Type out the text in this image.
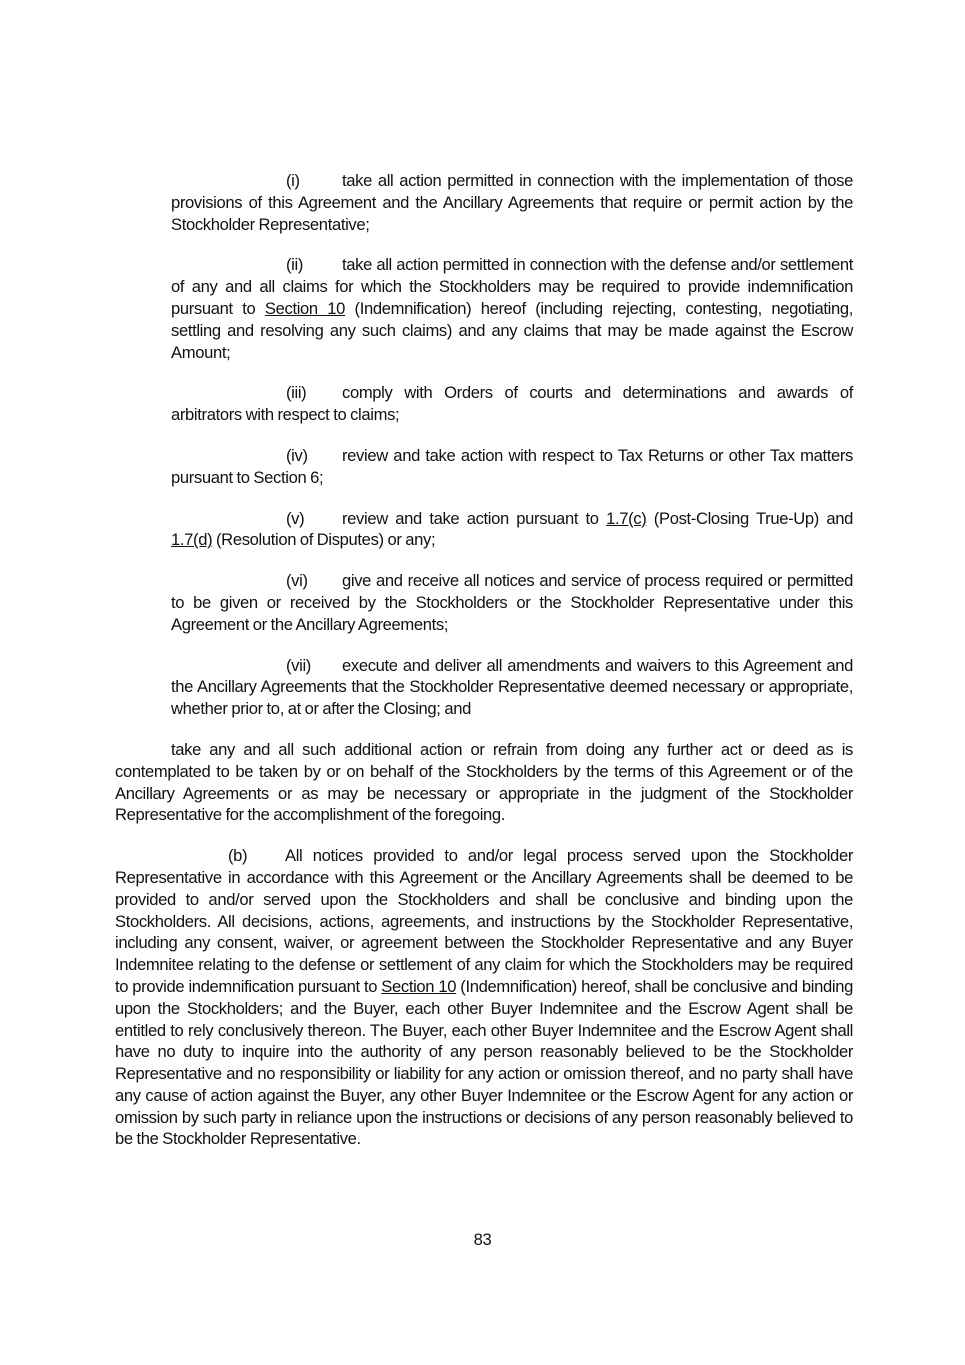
(i)	take all action permitted in connection with the implementation of those provisions of this Agreement and the Ancillary Agreements that require or permit action by the Stockholder Representative;

(ii) take all action permitted in connection with the defense and/or settlement of any and all claims for which the Stockholders may be required to provide indemnification pursuant to Section 10 (Indemnification) hereof (including rejecting, contesting, negotiating, settling and resolving any such claims) and any claims that may be made against the Escrow Amount;

(iii) comply with Orders of courts and determinations and awards of arbitrators with respect to claims;

(iv) review and take action with respect to Tax Returns or other Tax matters pursuant to Section 6;

(v) review and take action pursuant to 1.7(c) (Post-Closing True-Up) and 1.7(d) (Resolution of Disputes) or any;

(vi) give and receive all notices and service of process required or permitted to be given or received by the Stockholders or the Stockholder Representative under this Agreement or the Ancillary Agreements;

(vii) execute and deliver all amendments and waivers to this Agreement and the Ancillary Agreements that the Stockholder Representative deemed necessary or appropriate, whether prior to, at or after the Closing; and

take any and all such additional action or refrain from doing any further act or deed as is contemplated to be taken by or on behalf of the Stockholders by the terms of this Agreement or of the Ancillary Agreements or as may be necessary or appropriate in the judgment of the Stockholder Representative for the accomplishment of the foregoing.

(b) All notices provided to and/or legal process served upon the Stockholder Representative in accordance with this Agreement or the Ancillary Agreements shall be deemed to be provided to and/or served upon the Stockholders and shall be conclusive and binding upon the Stockholders. All decisions, actions, agreements, and instructions by the Stockholder Representative, including any consent, waiver, or agreement between the Stockholder Representative and any Buyer Indemnitee relating to the defense or settlement of any claim for which the Stockholders may be required to provide indemnification pursuant to Section 10 (Indemnification) hereof, shall be conclusive and binding upon the Stockholders; and the Buyer, each other Buyer Indemnitee and the Escrow Agent shall be entitled to rely conclusively thereon. The Buyer, each other Buyer Indemnitee and the Escrow Agent shall have no duty to inquire into the authority of any person reasonably believed to be the Stockholder Representative and no responsibility or liability for any action or omission thereof, and no party shall have any cause of action against the Buyer, any other Buyer Indemnitee or the Escrow Agent for any action or omission by such party in reliance upon the instructions or decisions of any person reasonably believed to be the Stockholder Representative.

83
